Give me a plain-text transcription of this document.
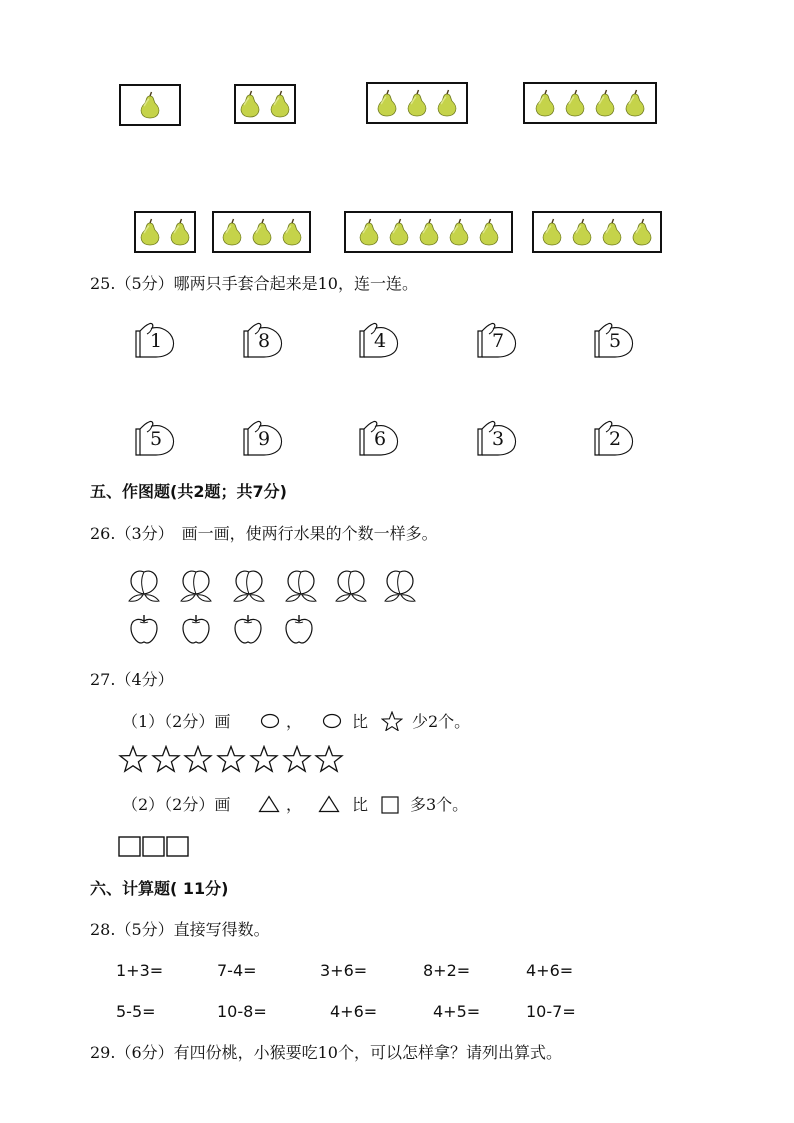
25.（5分）哪两只手套合起来是10，连一连。
1	8	4	7	5
5	9	6	3	2
五、作图题(共2题；共7分)
26.（3分）　画一画，使两行水果的个数一样多。
27.（4分）
（1）（2分）画	，	比	少2个。
（2）（2分）画	，	比	多3个。
六、计算题( 11分)
28.（5分）直接写得数。
1+3=	7-4=	3+6=	8+2=	4+6=
5-5=	10-8=	4+6=	4+5=	10-7=
29.（6分）有四份桃，小猴要吃10个，可以怎样拿？请列出算式。
